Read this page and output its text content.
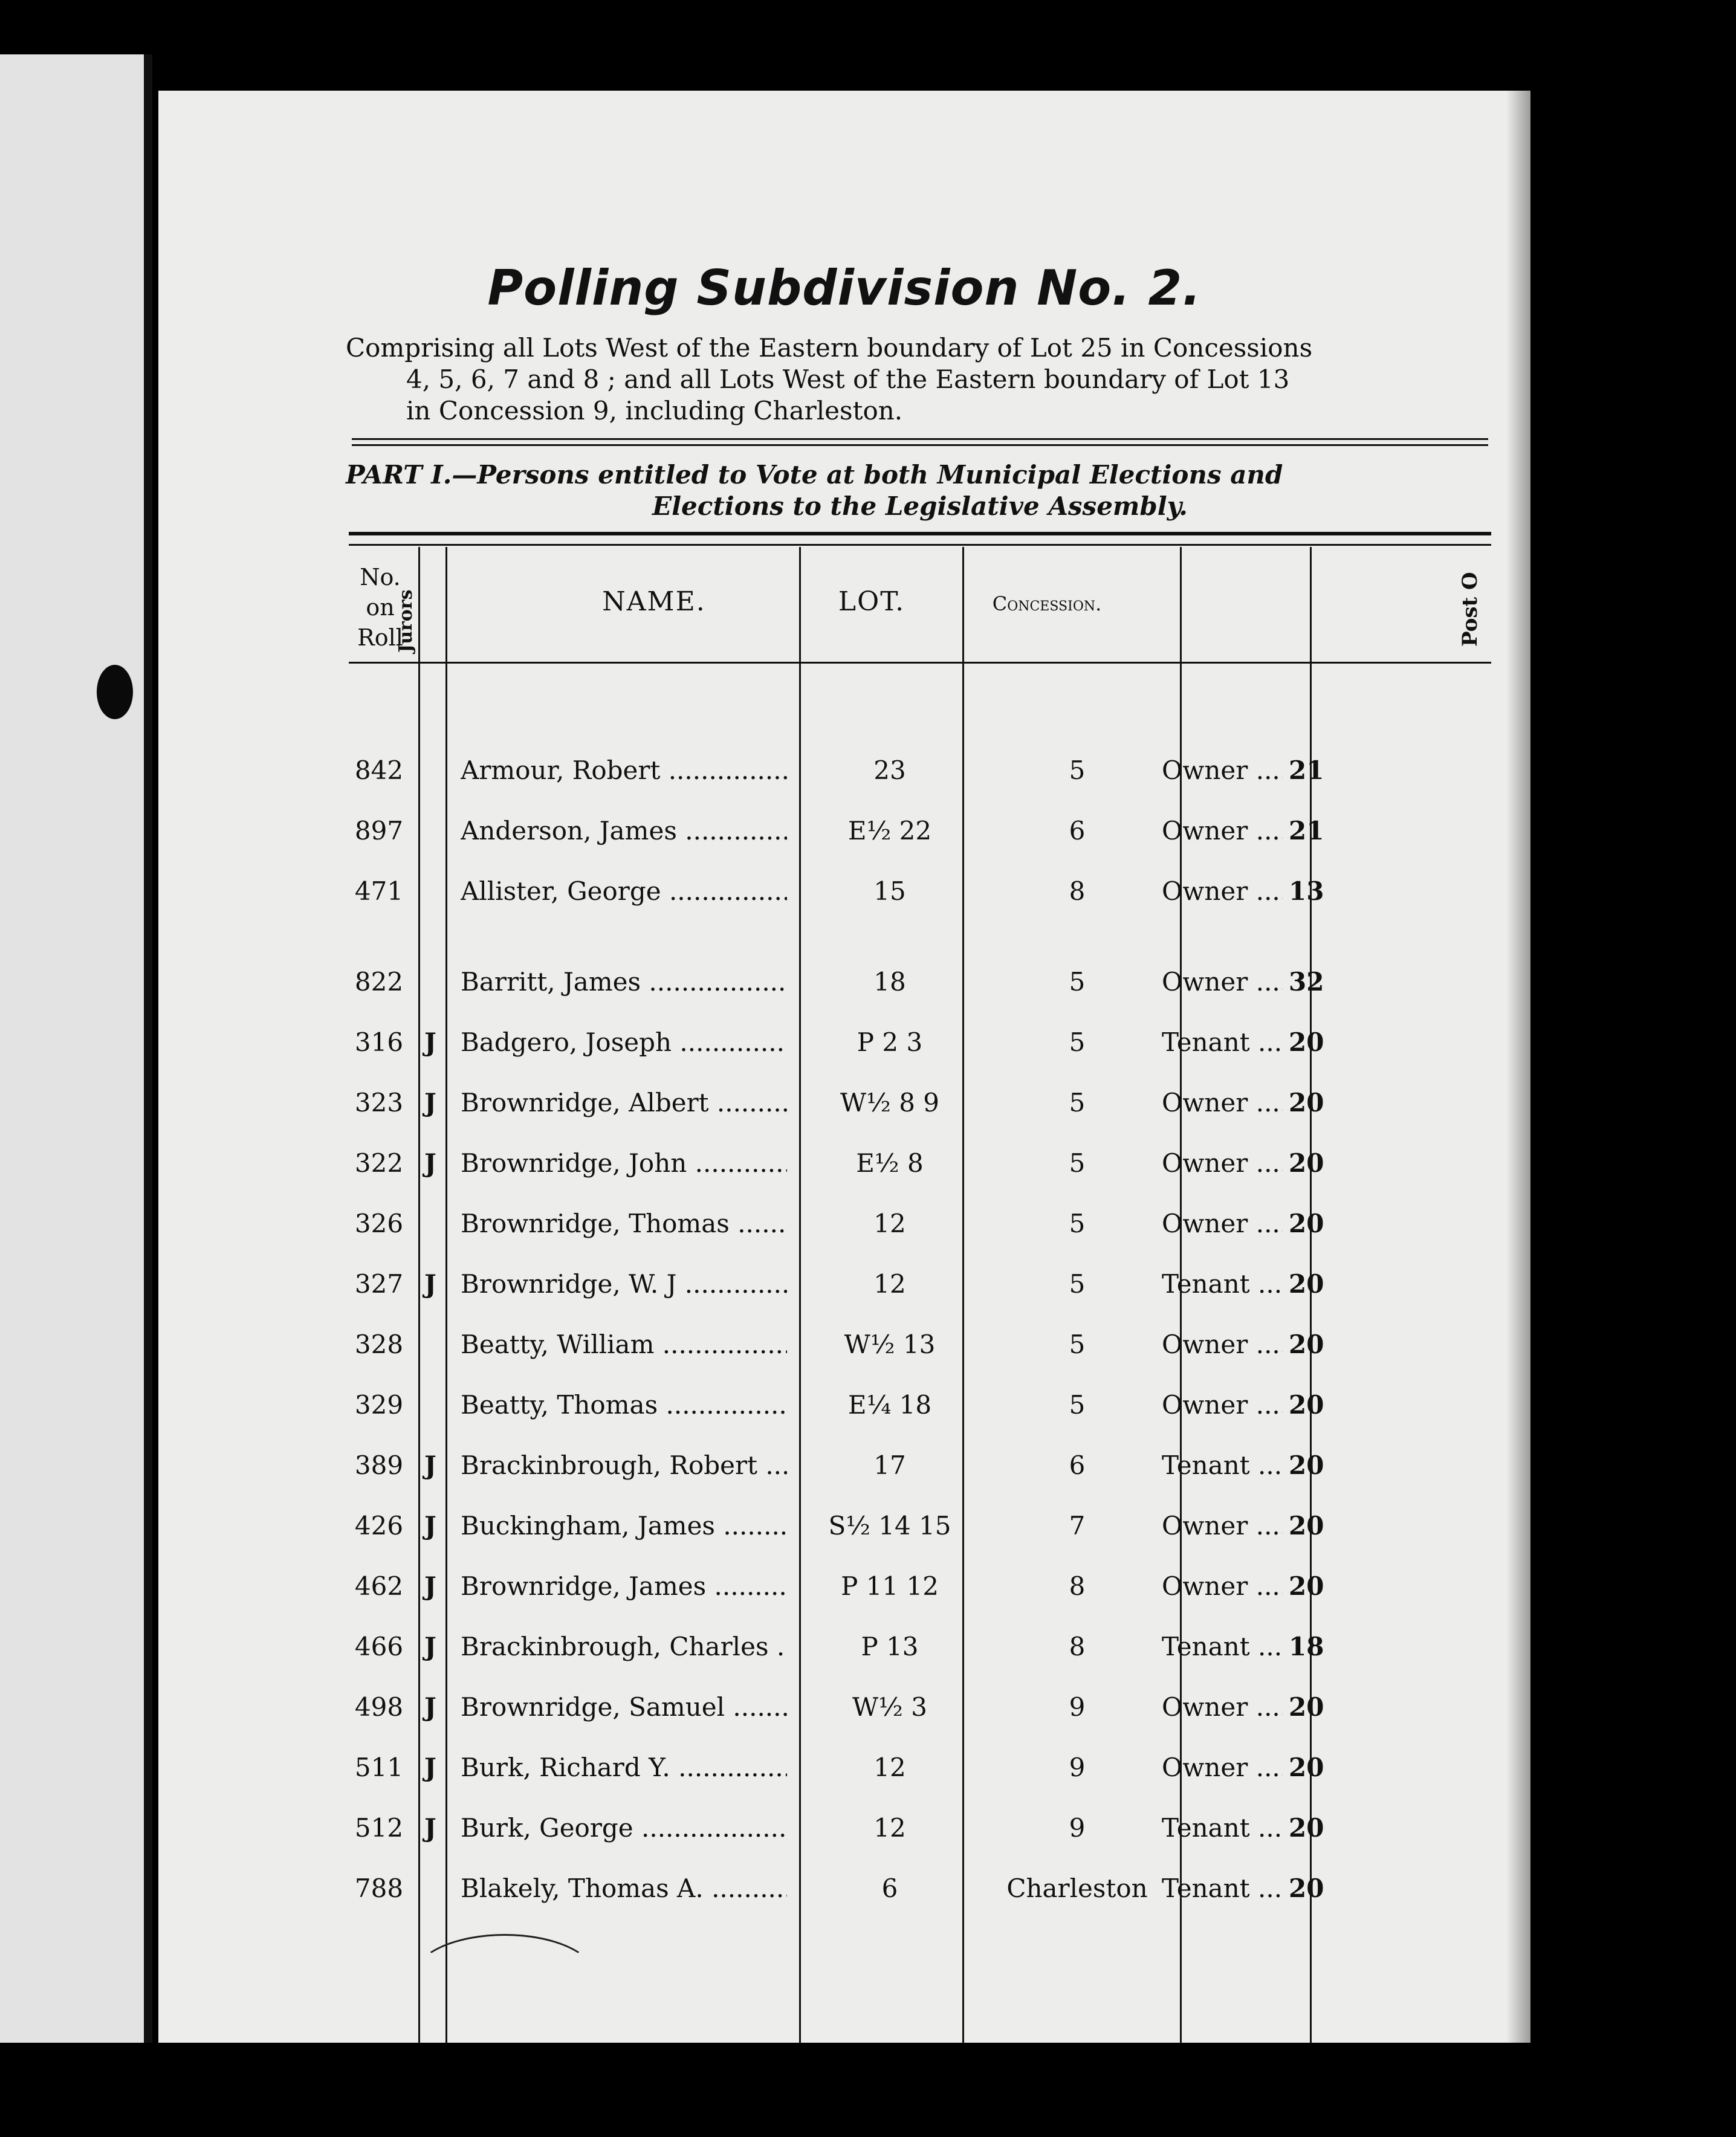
Polling Subdivision No. 2.
Comprising all Lots West of the Eastern boundary of Lot 25 in Concessions
4, 5, 6, 7 and 8 ; and all Lots West of the Eastern boundary of Lot 13
in Concession 9, including Charleston.
PART I.—Persons entitled to Vote at both Municipal Elections and
Elections to the Legislative Assembly.
No.
on
Roll
Jurors	NAME.	LOT.	Concession.	Post O
842	Armour, Robert .....	23	5	Owner .....	21
897	Anderson, James .....	E½ 22	6	Owner .....	21
471	Allister, George .....	15	8	Owner .....	13
822	Barritt, James .....	18	5	Owner .....	32
316 J Badgero, Joseph .....	P 2 3	5	Tenant .....	20
323 J Brownridge, Albert .....	W½ 8 9	5	Owner .....	20
322 J Brownridge, John .....	E½ 8	5	Owner .....	20
326	Brownridge, Thomas .....	12	5	Owner .....	20
327 J Brownridge, W. J .....	12	5	Tenant .....	20
328	Beatty, William .....	W½ 13	5	Owner .....	20
329	Beatty, Thomas .....	E¼ 18	5	Owner .....	20
389 J Brackinbrough, Robert .....	17	6	Tenant .....	20
426 J Buckingham, James .....	S½ 14 15	7	Owner .....	20
462 J Brownridge, James .....	P 11 12	8	Owner .....	20
466 J Brackinbrough, Charles .....	P 13	8	Tenant .....	18
498 J Brownridge, Samuel .....	W½ 3	9	Owner .....	20
511 J Burk, Richard Y. .....	12	9	Owner .....	20
512 J Burk, George .....	12	9	Tenant .....	20
788	Blakely, Thomas A. .....	6	Charleston Tenant .....	20
